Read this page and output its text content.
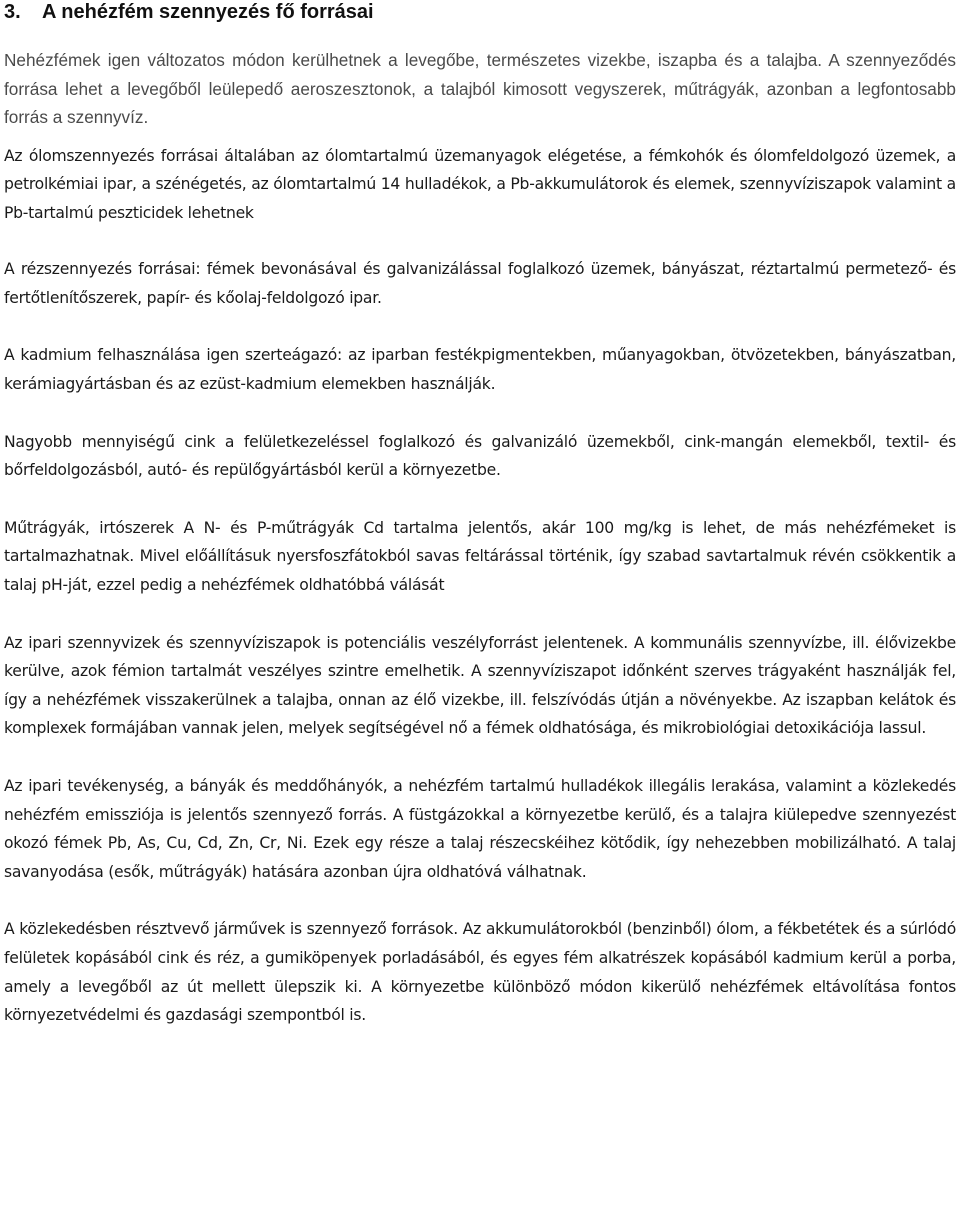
3. A nehézfém szennyezés fő forrásai

Nehézfémek igen változatos módon kerülhetnek a levegőbe, természetes vizekbe, iszapba és a talajba. A szennyeződés forrása lehet a levegőből leülepedő aeroszesztonok, a talajból kimosott vegyszerek, műtrágyák, azonban a legfontosabb forrás a szennyvíz.

Az ólomszennyezés forrásai általában az ólomtartalmú üzemanyagok elégetése, a fémkohók és ólomfeldolgozó üzemek, a petrolkémiai ipar, a szénégetés, az ólomtartalmú 14 hulladékok, a Pb-akkumulátorok és elemek, szennyvíziszapok valamint a Pb-tartalmú peszticidek lehetnek

A rézszennyezés forrásai: fémek bevonásával és galvanizálással foglalkozó üzemek, bányászat, réztartalmú permetező- és fertőtlenítőszerek, papír- és kőolaj-feldolgozó ipar.

A kadmium felhasználása igen szerteágazó: az iparban festékpigmentekben, műanyagokban, ötvözetekben, bányászatban, kerámiagyártásban és az ezüst-kadmium elemekben használják.

Nagyobb mennyiségű cink a felületkezeléssel foglalkozó és galvanizáló üzemekből, cink-mangán elemekből, textil- és bőrfeldolgozásból, autó- és repülőgyártásból kerül a környezetbe.

Műtrágyák, irtószerek A N- és P-műtrágyák Cd tartalma jelentős, akár 100 mg/kg is lehet, de más nehézfémeket is tartalmazhatnak. Mivel előállításuk nyersfoszfátokból savas feltárással történik, így szabad savtartalmuk révén csökkentik a talaj pH-ját, ezzel pedig a nehézfémek oldhatóbbá válását

Az ipari szennyvizek és szennyvíziszapok is potenciális veszélyforrást jelentenek. A kommunális szennyvízbe, ill. élővizekbe kerülve, azok fémion tartalmát veszélyes szintre emelhetik. A szennyvíziszapot időnként szerves trágyaként használják fel, így a nehézfémek visszakerülnek a talajba, onnan az élő vizekbe, ill. felszívódás útján a növényekbe. Az iszapban kelátok és komplexek formájában vannak jelen, melyek segítségével nő a fémek oldhatósága, és mikrobiológiai detoxikációja lassul.

Az ipari tevékenység, a bányák és meddőhányók, a nehézfém tartalmú hulladékok illegális lerakása, valamint a közlekedés nehézfém emissziója is jelentős szennyező forrás. A füstgázokkal a környezetbe kerülő, és a talajra kiülepedve szennyezést okozó fémek Pb, As, Cu, Cd, Zn, Cr, Ni. Ezek egy része a talaj részecskéihez kötődik, így nehezebben mobilizálható. A talaj savanyodása (esők, műtrágyák) hatására azonban újra oldhatóvá válhatnak.

A közlekedésben résztvevő járművek is szennyező források. Az akkumulátorokból (benzinből) ólom, a fékbetétek és a súrlódó felületek kopásából cink és réz, a gumiköpenyek porladásából, és egyes fém alkatrészek kopásából kadmium kerül a porba, amely a levegőből az út mellett ülepszik ki. A környezetbe különböző módon kikerülő nehézfémek eltávolítása fontos környezetvédelmi és gazdasági szempontból is.
